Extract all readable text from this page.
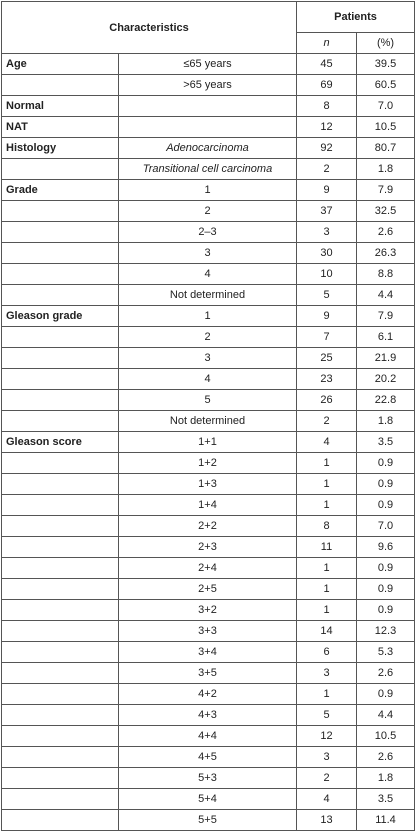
Characteristics		Patients	
		n	(%)
Age	≤65 years	45	39.5
	>65 years	69	60.5
Normal		8	7.0
NAT		12	10.5
Histology	Adenocarcinoma	92	80.7
	Transitional cell carcinoma	2	1.8
Grade	1	9	7.9
	2	37	32.5
	2–3	3	2.6
	3	30	26.3
	4	10	8.8
	Not determined	5	4.4
Gleason grade	1	9	7.9
	2	7	6.1
	3	25	21.9
	4	23	20.2
	5	26	22.8
	Not determined	2	1.8
Gleason score	1+1	4	3.5
	1+2	1	0.9
	1+3	1	0.9
	1+4	1	0.9
	2+2	8	7.0
	2+3	11	9.6
	2+4	1	0.9
	2+5	1	0.9
	3+2	1	0.9
	3+3	14	12.3
	3+4	6	5.3
	3+5	3	2.6
	4+2	1	0.9
	4+3	5	4.4
	4+4	12	10.5
	4+5	3	2.6
	5+3	2	1.8
	5+4	4	3.5
	5+5	13	11.4
